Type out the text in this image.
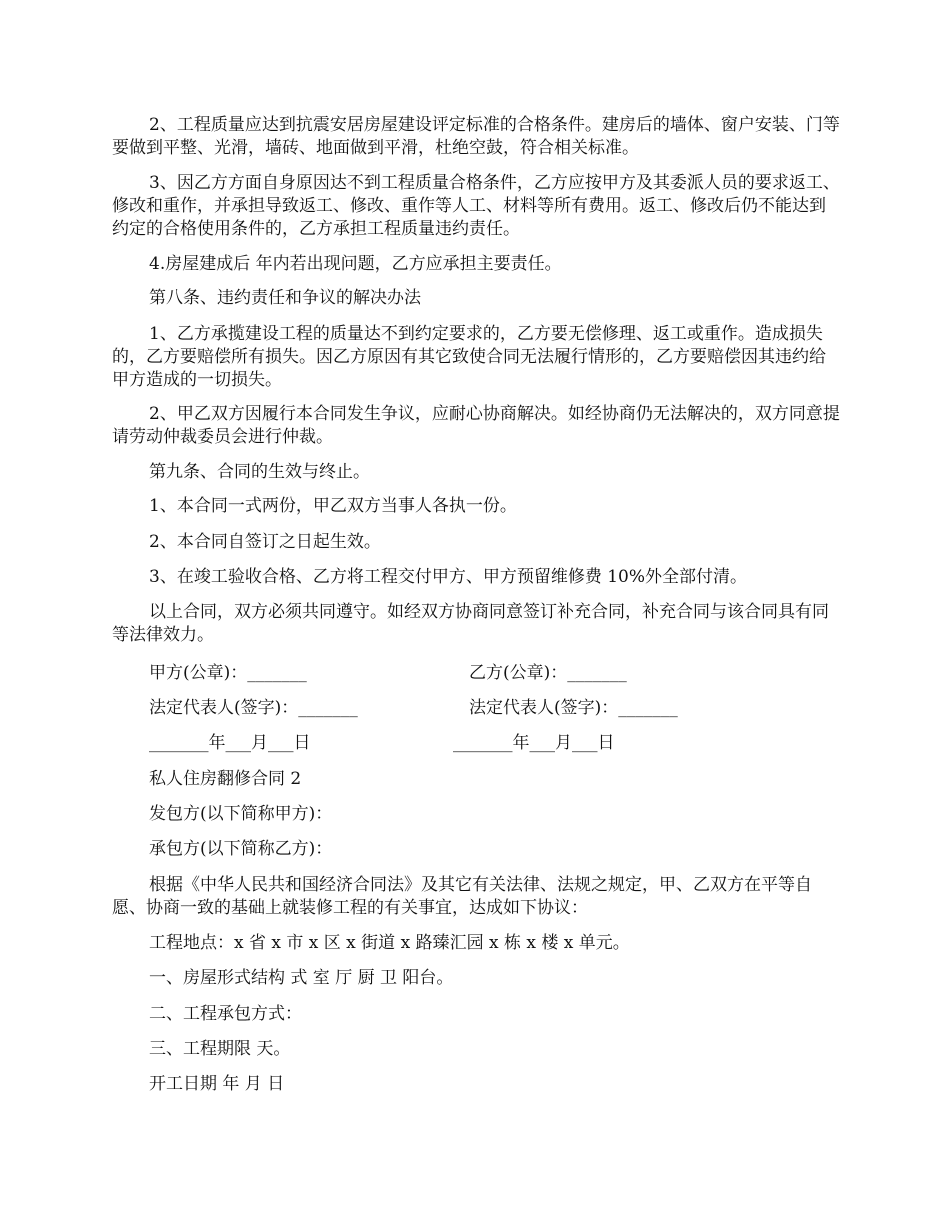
2、工程质量应达到抗震安居房屋建设评定标准的合格条件。建房后的墙体、窗户安装、门等要做到平整、光滑，墙砖、地面做到平滑，杜绝空鼓，符合相关标准。

3、因乙方方面自身原因达不到工程质量合格条件，乙方应按甲方及其委派人员的要求返工、修改和重作，并承担导致返工、修改、重作等人工、材料等所有费用。返工、修改后仍不能达到约定的合格使用条件的，乙方承担工程质量违约责任。

4.房屋建成后 年内若出现问题，乙方应承担主要责任。

第八条、违约责任和争议的解决办法

1、乙方承揽建设工程的质量达不到约定要求的，乙方要无偿修理、返工或重作。造成损失的，乙方要赔偿所有损失。因乙方原因有其它致使合同无法履行情形的，乙方要赔偿因其违约给甲方造成的一切损失。

2、甲乙双方因履行本合同发生争议，应耐心协商解决。如经协商仍无法解决的，双方同意提请劳动仲裁委员会进行仲裁。

第九条、合同的生效与终止。

1、本合同一式两份，甲乙双方当事人各执一份。

2、本合同自签订之日起生效。

3、在竣工验收合格、乙方将工程交付甲方、甲方预留维修费 10%外全部付清。

以上合同，双方必须共同遵守。如经双方协商同意签订补充合同，补充合同与该合同具有同等法律效力。

甲方(公章)：_______	乙方(公章)：_______

法定代表人(签字)：_______	法定代表人(签字)：_______

_______年___月___日	_______年___月___日

私人住房翻修合同 2

发包方(以下简称甲方)：

承包方(以下简称乙方)：

根据《中华人民共和国经济合同法》及其它有关法律、法规之规定，甲、乙双方在平等自愿、协商一致的基础上就装修工程的有关事宜，达成如下协议：

工程地点：x 省 x 市 x 区 x 街道 x 路臻汇园 x 栋 x 楼 x 单元。

一、房屋形式结构 式 室 厅 厨 卫 阳台。

二、工程承包方式：

三、工程期限 天。

开工日期 年 月 日
